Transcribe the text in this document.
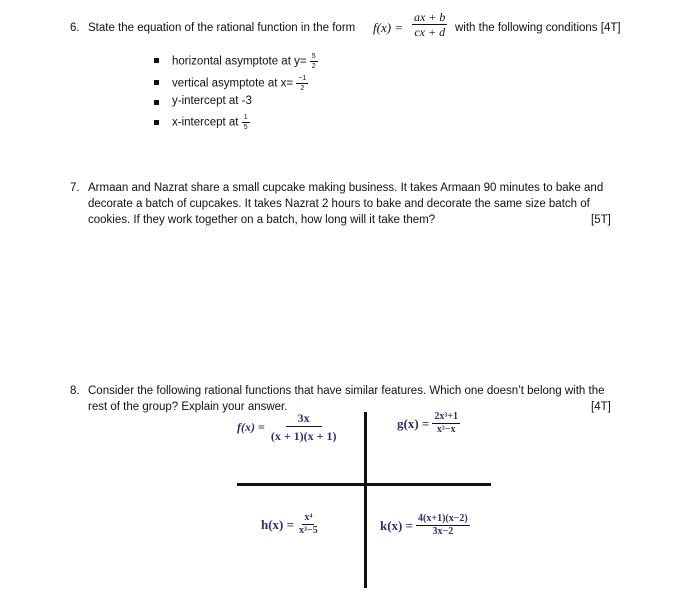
6. State the equation of the rational function in the form $f(x) = \frac{ax + b}{cx + d}$ with the following conditions [4T]
horizontal asymptote at $y= \frac{5}{2}$
vertical asymptote at $x= \frac{-1}{2}$
y-intercept at -3
x-intercept at $\frac{1}{5}$
7. Armaan and Nazrat share a small cupcake making business. It takes Armaan 90 minutes to bake and
decorate a batch of cupcakes. It takes Nazrat 2 hours to bake and decorate the same size batch of
cookies. If they work together on a batch, how long will it take them?	[5T]
8. Consider the following rational functions that have similar features. Which one doesn’t belong with the
rest of the group? Explain your answer.	[4T]
$f(x) = \frac{3x}{(x + 1)(x + 1)}$	$g(x) = \frac{\text{2x³+1}}{\text{x²−x}}$
$h(x) = \frac{\text{x⁴}}{\text{x³−5}}$	$k(x) = \frac{4(x+1)(x-2)}{3x-2}$
